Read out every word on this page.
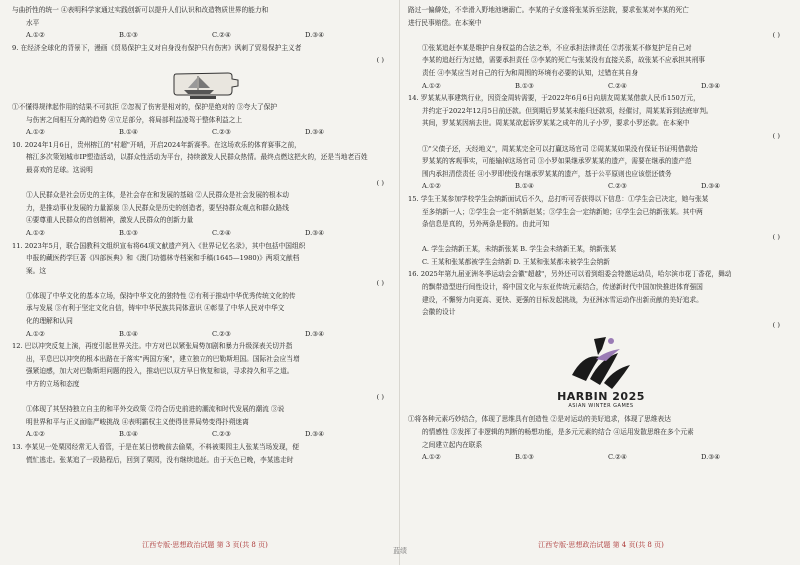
与曲折性的统一 ④表明科学家通过实践创新可以提升人们认识和改造物质世界的能力和
水平
A.①②	B.①③	C.②④	D.③④
9. 在经济全球化的背景下，漫画《贸易保护主义对自身没有保护只有伤害》讽刺了贸易保护主义者
( )
①不懂得规律起作用的结果不可抗拒 ②忽视了伤害是相对的，保护是绝对的 ③夸大了保护
与伤害之间相互分离的趋势 ④立足部分，将局部利益凌驾于整体利益之上
A.①②	B.①④	C.②③	D.③④
10. 2024年1月6日，贵州榕江的"村超"开哨，开启2024年新赛季。在这场欢乐的体育赛事之前，
榕江多次策划城市IP塑造活动，以群众性活动为平台，持续激发人民群众热情。最终点燃这把火的，还是当地老百姓
最喜欢的足球。这说明
( )
①人民群众是社会历史的主体，是社会存在和发展的基础 ②人民群众是社会发展的根本动
力，是推动事业发展的力量源泉 ③人民群众是历史的创造者，要坚持群众观点和群众路线
④要尊重人民群众的首创精神，激发人民群众的创新力量
A.①②	B.①③	C.②④	D.③④
11. 2023年5月，联合国教科文组织宣布将64项文献遗产列入《世界记忆名录》，其中包括中国组织
申报的藏医药学巨著《四部医典》和《澳门功德林寺档案和手稿(1645—1980)》两项文献档
案。这
( )
①体现了中华文化的基本立场，保持中华文化的独特性 ②有利于推动中华优秀传统文化的传
承与发展 ③有利于坚定文化自信，铸牢中华民族共同体意识 ④彰显了中华人民对中华文
化的理解和认同
A.①②	B.①④	C.②③	D.③④
12. 巴以冲突反复上演，再度引起世界关注。中方对巴以紧张局势加剧和暴力升级深表关切并指
出，平息巴以冲突的根本出路在于落实"两国方案"，建立独立的巴勒斯坦国。国际社会应当增
强紧迫感，加大对巴勒斯坦问题的投入，推动巴以双方早日恢复和谈，寻求持久和平之道。
中方的立场和态度
( )
①体现了其坚持独立自主的和平外交政策 ②符合历史前进的潮流和时代发展的潮流 ③说
明世界和平与正义面临严峻挑战 ④表明霸权主义使得世界局势变得扑朔迷离
A.①②	B.①④	C.②③	D.③④
13. 李某见一处栗园经常无人看管，于是在某日傍晚前去偷栗，不料被栗园主人张某当场发现，便
慌忙逃走。张某追了一段路程后，回到了栗园，没有继续追赶。由于天色已晚，李某逃走时
江西专版·思想政治试题 第 3 页(共 8 页)
路过一偏僻处，不幸滑入野地池塘溺亡。李某的子女遂将张某诉至法院，要求张某对李某的死亡
进行民事赔偿。在本案中
( )
①张某追赶李某是维护自身权益的合法之举，不应承担法律责任 ②苏张某不修复护足自己对
李某的追赶行为过错，需要承担责任 ③李某的死亡与张某没有直接关系，故张某不应承担其刑事
责任 ④李某应当对自己的行为和周围的环境有必要的认知，过错在其自身
A.①②	B.①③	C.②④	D.③④
14. 罗某某从事建筑行业，因资金周转需要，于2022年6月6日向朋友周某某借款人民币150万元，
并约定于2022年12月5日前还款。但到期后罗某某未能归还款项，经催讨，周某某诉到法庭审判。
其间，罗某某因病去世。周某某欲起诉罗某某之成年的儿子小罗，要求小罗还款。在本案中
( )
①"父债子还，天经地义"，周某某完全可以打赢这场官司 ②周某某如果没有保证书证明借款给
罗某某的客观事实，可能输掉这场官司 ③小罗如果继承罗某某的遗产，需要在继承的遗产范
围内承担清偿责任 ④小罗即使没有继承罗某某的遗产，基于公平原则也应该偿还债务
A.①②	B.①④	C.②③	D.③④
15. 学生王某参加学校学生会纳新面试后不久，总打听可否获得以下信息：①学生会已决定，她与张某
至多纳新一人；②学生会一定不纳新赵某；③学生会一定纳新她；④学生会已纳新张某。其中两
条信息是真的，另外两条是假的。由此可知
( )
A. 学生会纳新王某，未纳新张某 B. 学生会未纳新王某，纳新张某
C. 王某和张某都被学生会纳新 D. 王某和张某都未被学生会纳新
16. 2025年第九届亚洲冬季运动会会徽"超越"，另外还可以看到组委会特邀运动员，哈尔滨市花丁香花，舞动
的飘带造型进行间性设计，将中国文化与东亚传统元素结合，传递新时代中国加快推进体育强国
建设，不懈努力向更高、更快、更强的目标发起挑战，为亚洲冰雪运动作出新贡献的美好追求。
会徽的设计
( )
HARBIN 2025
ASIAN WINTER GAMES
①将各种元素巧妙结合，体现了思维具有创造性 ②是对运动的美好追求，体现了思维表达
的情感性 ③发挥了非逻辑的判断的畅想功能，是多元元素的结合 ④运用发散思维在多个元素
之间建立起内在联系
A.①②	B.①③	C.②④	D.③④
江西专版·思想政治试题 第 4 页(共 8 页)
蓝绩
